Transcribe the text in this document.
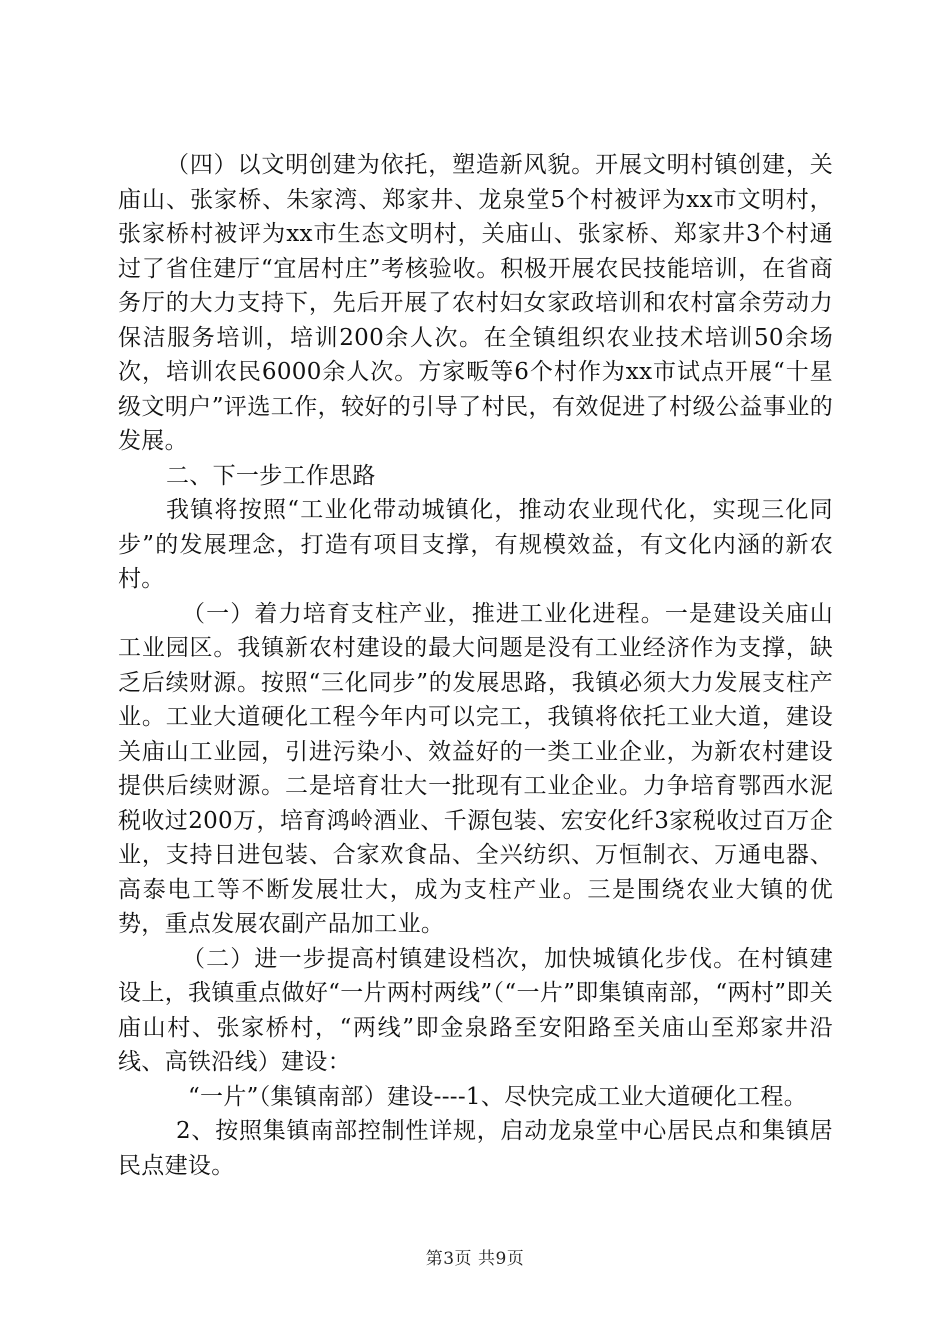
（四）以文明创建为依托，塑造新风貌。开展文明村镇创建，关庙山、张家桥、朱家湾、郑家井、龙泉堂5个村被评为xx市文明村，张家桥村被评为xx市生态文明村，关庙山、张家桥、郑家井3个村通过了省住建厅“宜居村庄”考核验收。积极开展农民技能培训，在省商务厅的大力支持下，先后开展了农村妇女家政培训和农村富余劳动力保洁服务培训，培训200余人次。在全镇组织农业技术培训50余场次，培训农民6000余人次。方家畈等6个村作为xx市试点开展“十星级文明户”评选工作，较好的引导了村民，有效促进了村级公益事业的发展。

二、下一步工作思路

我镇将按照“工业化带动城镇化，推动农业现代化，实现三化同步”的发展理念，打造有项目支撑，有规模效益，有文化内涵的新农村。

（一）着力培育支柱产业，推进工业化进程。一是建设关庙山工业园区。我镇新农村建设的最大问题是没有工业经济作为支撑，缺乏后续财源。按照“三化同步”的发展思路，我镇必须大力发展支柱产业。工业大道硬化工程今年内可以完工，我镇将依托工业大道，建设关庙山工业园，引进污染小、效益好的一类工业企业，为新农村建设提供后续财源。二是培育壮大一批现有工业企业。力争培育鄂西水泥税收过200万，培育鸿岭酒业、千源包装、宏安化纤3家税收过百万企业，支持日进包装、合家欢食品、全兴纺织、万恒制衣、万通电器、高泰电工等不断发展壮大，成为支柱产业。三是围绕农业大镇的优势，重点发展农副产品加工业。

（二）进一步提高村镇建设档次，加快城镇化步伐。在村镇建设上，我镇重点做好“一片两村两线”（“一片”即集镇南部，“两村”即关庙山村、张家桥村，“两线”即金泉路至安阳路至关庙山至郑家井沿线、高铁沿线）建设：

“一片”（集镇南部）建设----1、尽快完成工业大道硬化工程。

2、按照集镇南部控制性详规，启动龙泉堂中心居民点和集镇居民点建设。

第3页 共9页
